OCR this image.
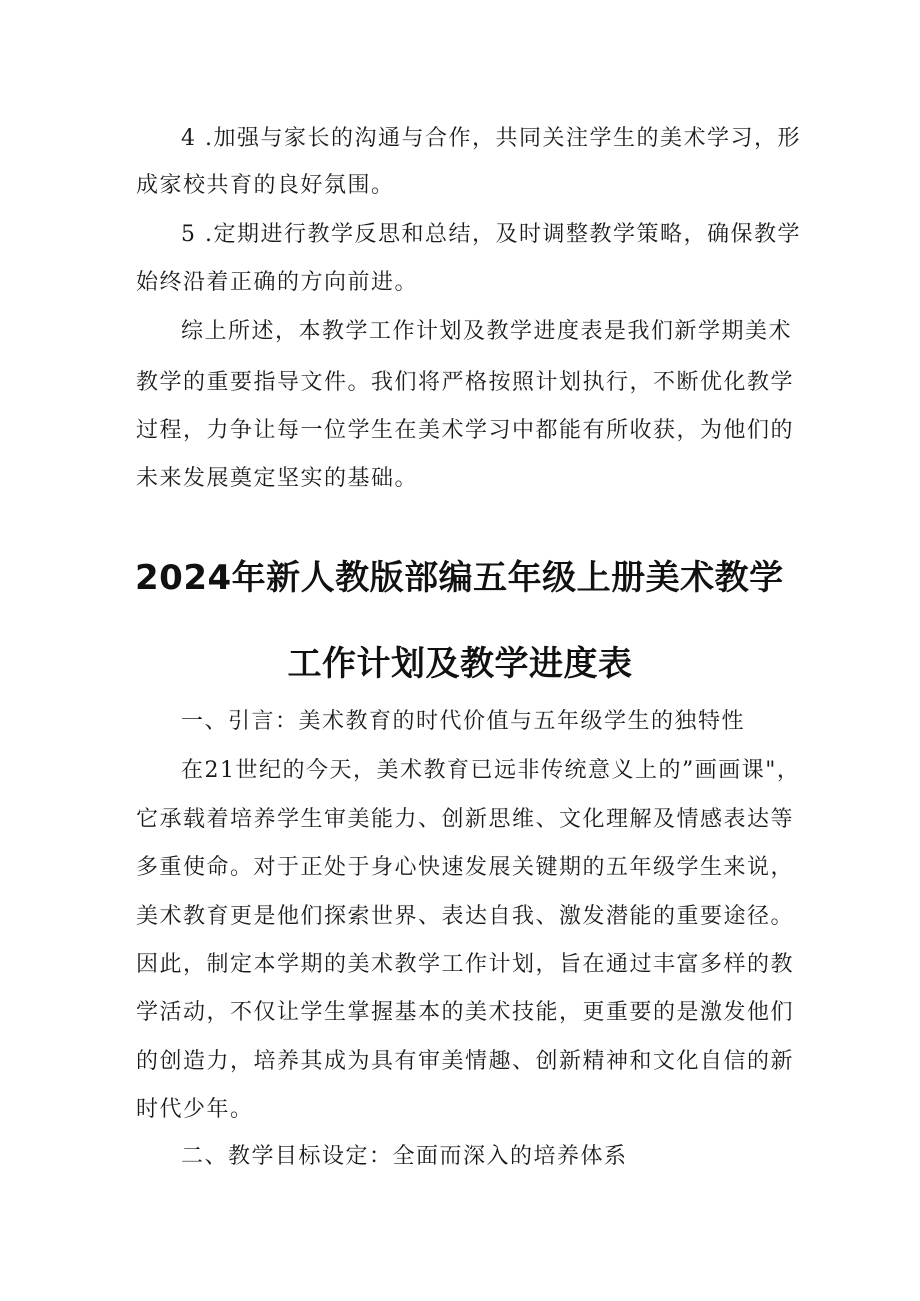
4 .加强与家长的沟通与合作，共同关注学生的美术学习，形
成家校共育的良好氛围。
5 .定期进行教学反思和总结，及时调整教学策略，确保教学
始终沿着正确的方向前进。
综上所述，本教学工作计划及教学进度表是我们新学期美术
教学的重要指导文件。我们将严格按照计划执行，不断优化教学
过程，力争让每一位学生在美术学习中都能有所收获，为他们的
未来发展奠定坚实的基础。
2024年新人教版部编五年级上册美术教学
工作计划及教学进度表
一、引言：美术教育的时代价值与五年级学生的独特性
在21世纪的今天，美术教育已远非传统意义上的”画画课"，
它承载着培养学生审美能力、创新思维、文化理解及情感表达等
多重使命。对于正处于身心快速发展关键期的五年级学生来说，
美术教育更是他们探索世界、表达自我、激发潜能的重要途径。
因此，制定本学期的美术教学工作计划，旨在通过丰富多样的教
学活动，不仅让学生掌握基本的美术技能，更重要的是激发他们
的创造力，培养其成为具有审美情趣、创新精神和文化自信的新
时代少年。
二、教学目标设定：全面而深入的培养体系
